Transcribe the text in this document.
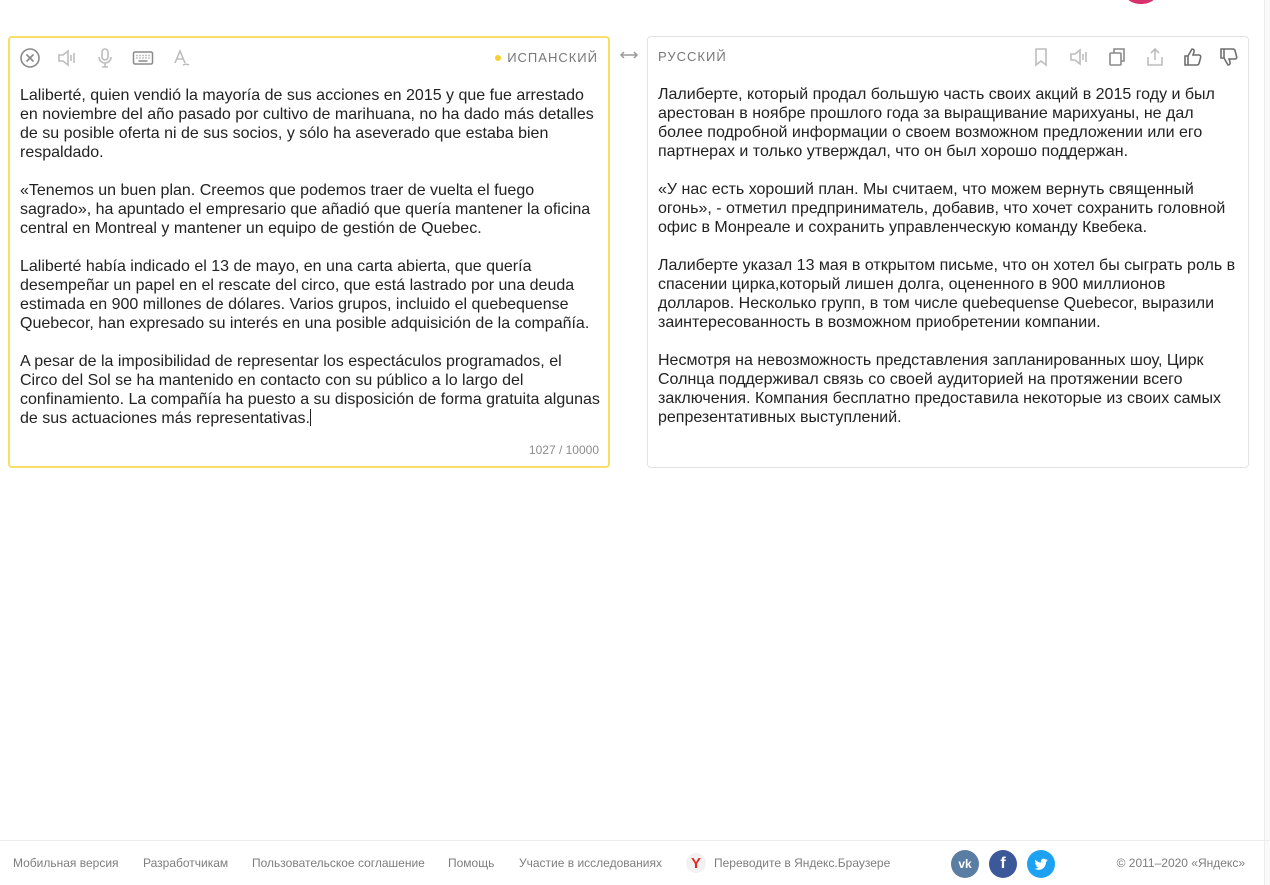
ИСПАНСКИЙ

Laliberté, quien vendió la mayoría de sus acciones en 2015 y que fue arrestado en noviembre del año pasado por cultivo de marihuana, no ha dado más detalles de su posible oferta ni de sus socios, y sólo ha aseverado que estaba bien respaldado.

«Tenemos un buen plan. Creemos que podemos traer de vuelta el fuego sagrado», ha apuntado el empresario que añadió que quería mantener la oficina central en Montreal y mantener un equipo de gestión de Quebec.

Laliberté había indicado el 13 de mayo, en una carta abierta, que quería desempeñar un papel en el rescate del circo, que está lastrado por una deuda estimada en 900 millones de dólares. Varios grupos, incluido el quebequense Quebecor, han expresado su interés en una posible adquisición de la compañía.

A pesar de la imposibilidad de representar los espectáculos programados, el Circo del Sol se ha mantenido en contacto con su público a lo largo del confinamiento. La compañía ha puesto a su disposición de forma gratuita algunas de sus actuaciones más representativas.

1027 / 10000
РУССКИЙ

Лалиберте, который продал большую часть своих акций в 2015 году и был арестован в ноябре прошлого года за выращивание марихуаны, не дал более подробной информации о своем возможном предложении или его партнерах и только утверждал, что он был хорошо поддержан.

«У нас есть хороший план. Мы считаем, что можем вернуть священный огонь», - отметил предприниматель, добавив, что хочет сохранить головной офис в Монреале и сохранить управленческую команду Квебека.

Лалиберте указал 13 мая в открытом письме, что он хотел бы сыграть роль в спасении цирка,который лишен долга, оцененного в 900 миллионов долларов. Несколько групп, в том числе quebequense Quebecor, выразили заинтересованность в возможном приобретении компании.

Несмотря на невозможность представления запланированных шоу, Цирк Солнца поддерживал связь со своей аудиторией на протяжении всего заключения. Компания бесплатно предоставила некоторые из своих самых репрезентативных выступлений.

Мобильная версия Разработчикам Пользовательское соглашение Помощь Участие в исследованиях	Y	Переводите в Яндекс.Браузере	vk	f	© 2011–2020 «Яндекс»
